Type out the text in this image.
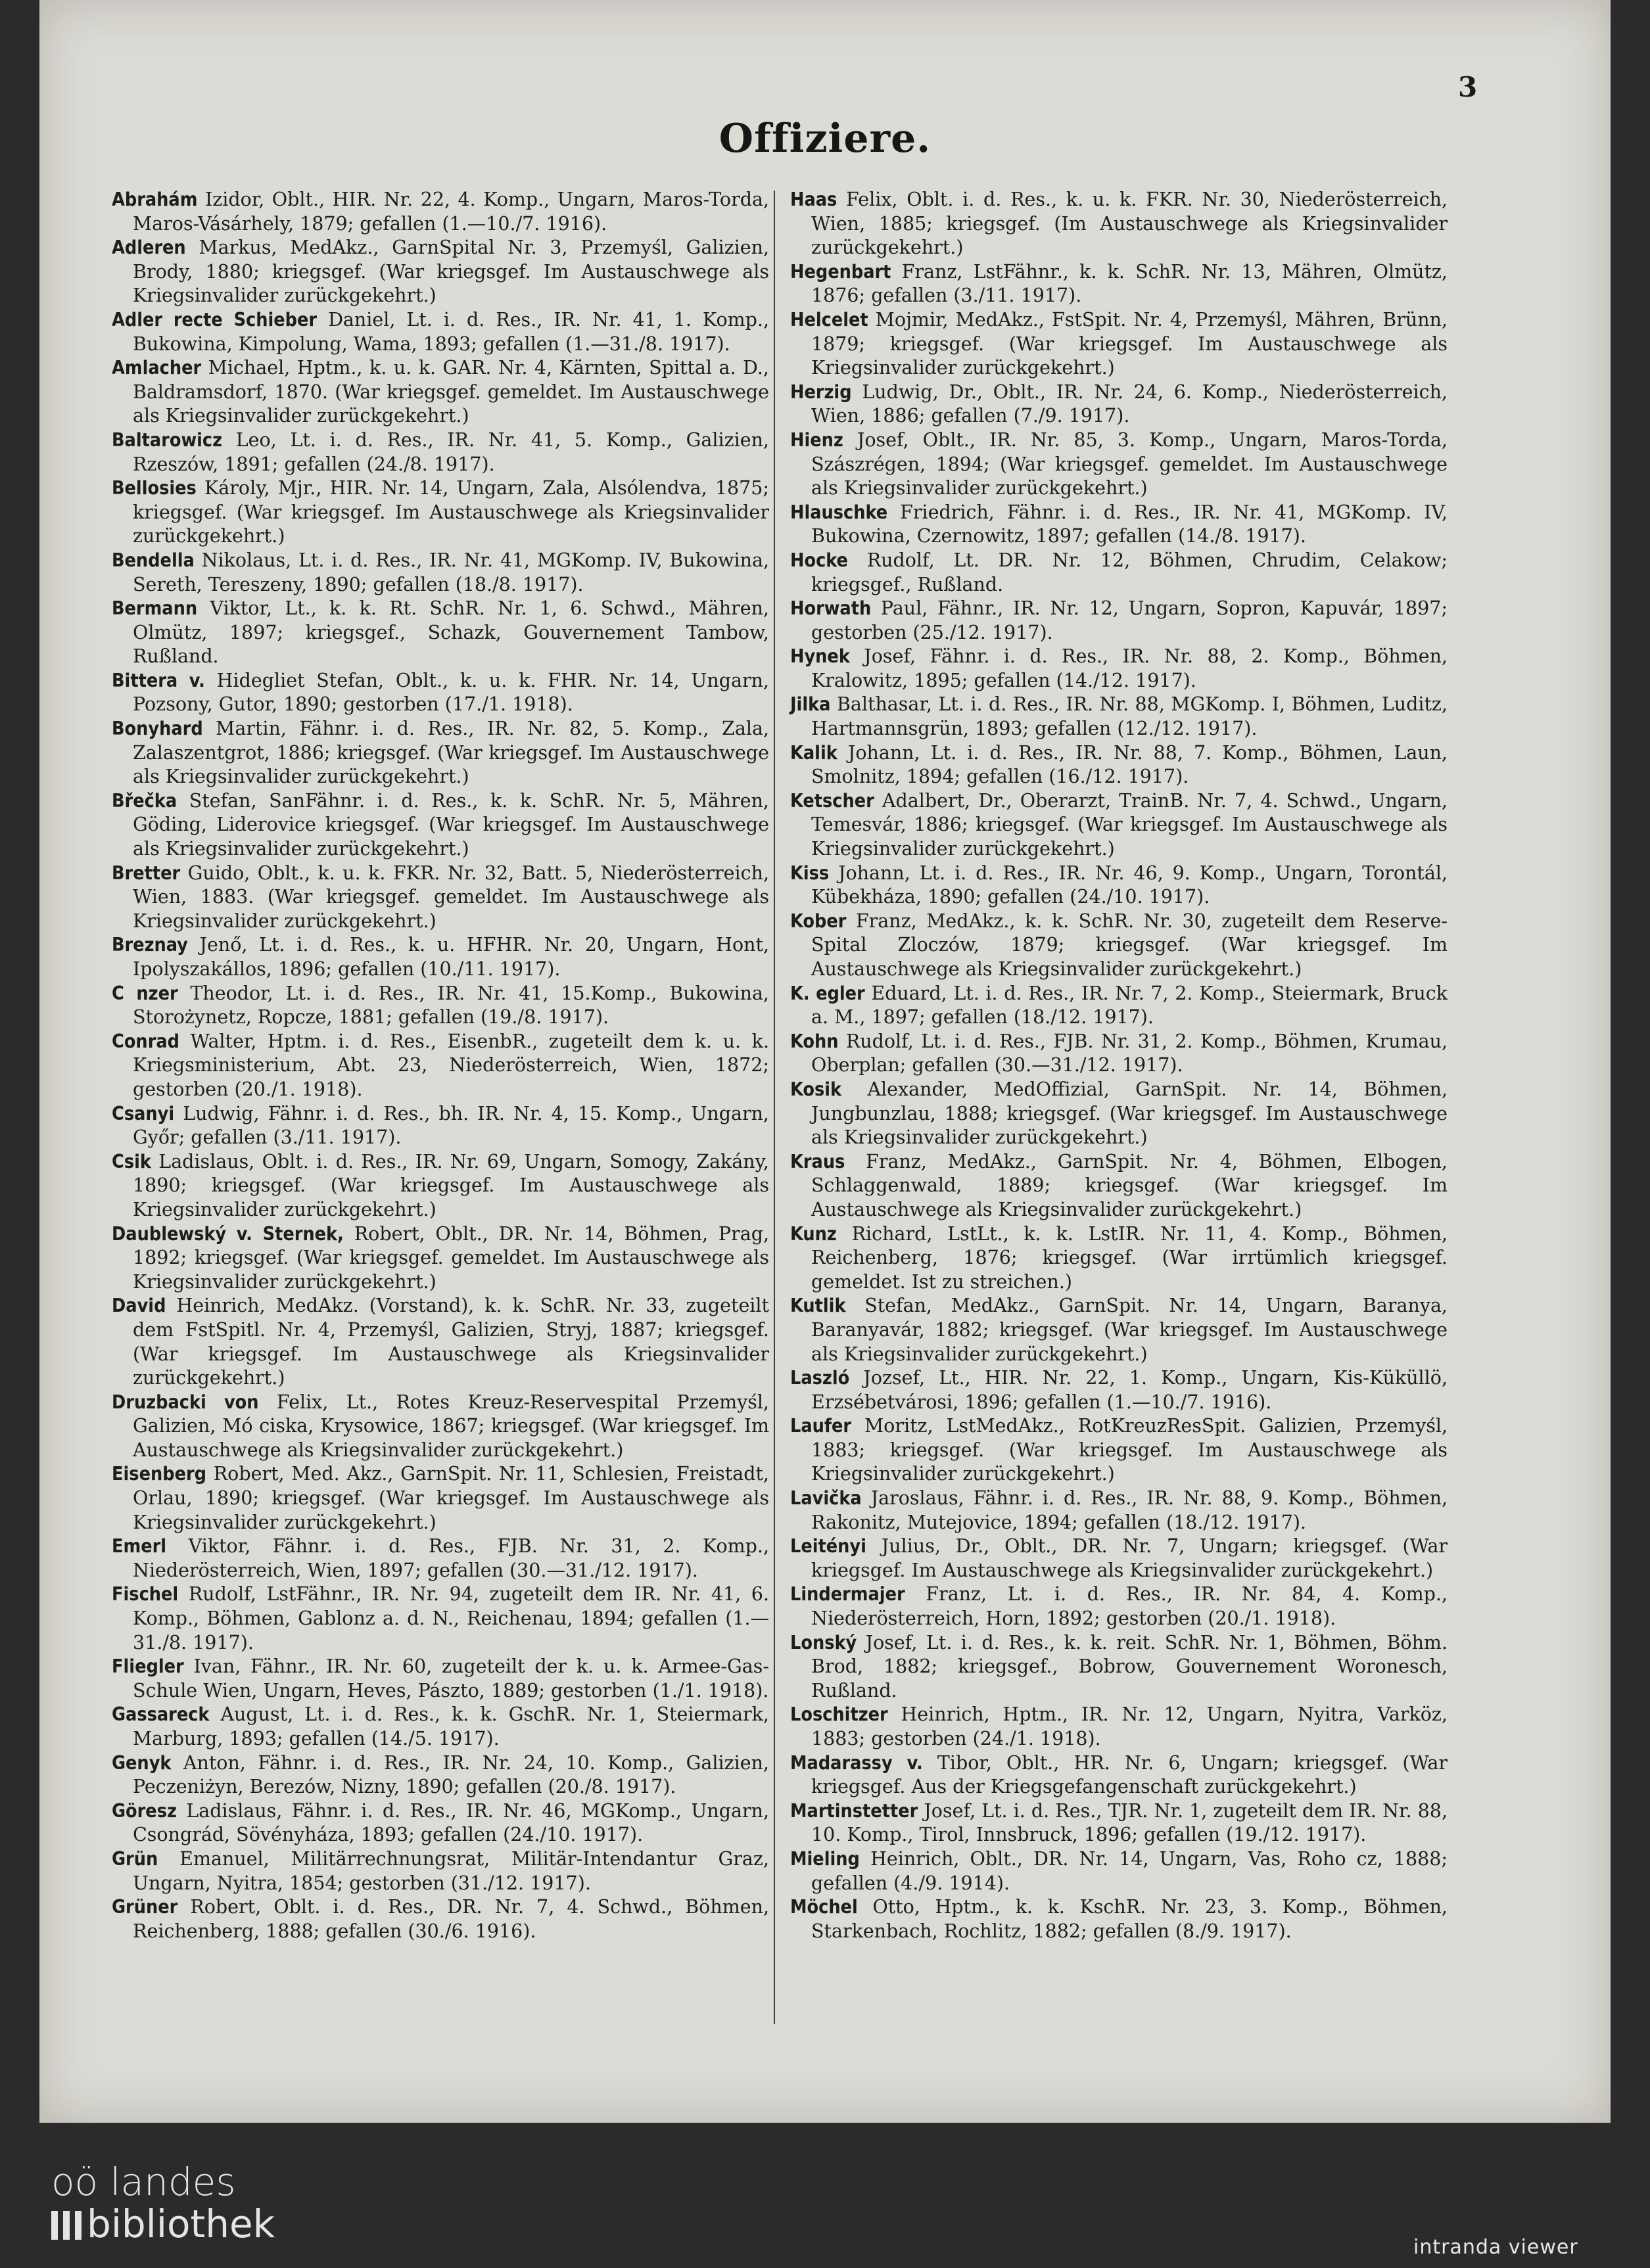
3
Offiziere.
Abrahám Izidor, Oblt., HIR. Nr. 22, 4. Komp., Ungarn, Maros-Torda, Maros-Vásárhely, 1879; gefallen (1.—10./7. 1916).
Adleren Markus, MedAkz., GarnSpital Nr. 3, Przemyśl, Galizien, Brody, 1880; kriegsgef. (War kriegsgef. Im Austauschwege als Kriegsinvalider zurückgekehrt.)
Adler recte Schieber Daniel, Lt. i. d. Res., IR. Nr. 41, 1. Komp., Bukowina, Kimpolung, Wama, 1893; gefallen (1.—31./8. 1917).
Amlacher Michael, Hptm., k. u. k. GAR. Nr. 4, Kärnten, Spittal a. D., Baldramsdorf, 1870. (War kriegsgef. gemeldet. Im Austauschwege als Kriegsinvalider zurückgekehrt.)
Baltarowicz Leo, Lt. i. d. Res., IR. Nr. 41, 5. Komp., Galizien, Rzeszów, 1891; gefallen (24./8. 1917).
Bellosies Károly, Mjr., HIR. Nr. 14, Ungarn, Zala, Alsólendva, 1875; kriegsgef. (War kriegsgef. Im Austauschwege als Kriegsinvalider zurückgekehrt.)
Bendella Nikolaus, Lt. i. d. Res., IR. Nr. 41, MGKomp. IV, Bukowina, Sereth, Tereszeny, 1890; gefallen (18./8. 1917).
Bermann Viktor, Lt., k. k. Rt. SchR. Nr. 1, 6. Schwd., Mähren, Olmütz, 1897; kriegsgef., Schazk, Gouvernement Tambow, Rußland.
Bittera v. Hidegliet Stefan, Oblt., k. u. k. FHR. Nr. 14, Ungarn, Pozsony, Gutor, 1890; gestorben (17./1. 1918).
Bonyhard Martin, Fähnr. i. d. Res., IR. Nr. 82, 5. Komp., Zala, Zalaszentgrot, 1886; kriegsgef. (War kriegsgef. Im Austauschwege als Kriegsinvalider zurückgekehrt.)
Břečka Stefan, SanFähnr. i. d. Res., k. k. SchR. Nr. 5, Mähren, Göding, Liderovice kriegsgef. (War kriegsgef. Im Austauschwege als Kriegsinvalider zurückgekehrt.)
Bretter Guido, Oblt., k. u. k. FKR. Nr. 32, Batt. 5, Niederösterreich, Wien, 1883. (War kriegsgef. gemeldet. Im Austauschwege als Kriegsinvalider zurückgekehrt.)
Breznay Jenő, Lt. i. d. Res., k. u. HFHR. Nr. 20, Ungarn, Hont, Ipolyszakállos, 1896; gefallen (10./11. 1917).
C nzer Theodor, Lt. i. d. Res., IR. Nr. 41, 15.Komp., Bukowina, Storożynetz, Ropcze, 1881; gefallen (19./8. 1917).
Conrad Walter, Hptm. i. d. Res., EisenbR., zugeteilt dem k. u. k. Kriegsministerium, Abt. 23, Niederösterreich, Wien, 1872; gestorben (20./1. 1918).
Csanyi Ludwig, Fähnr. i. d. Res., bh. IR. Nr. 4, 15. Komp., Ungarn, Győr; gefallen (3./11. 1917).
Csik Ladislaus, Oblt. i. d. Res., IR. Nr. 69, Ungarn, Somogy, Zakány, 1890; kriegsgef. (War kriegsgef. Im Austauschwege als Kriegsinvalider zurückgekehrt.)
Daublewský v. Sternek, Robert, Oblt., DR. Nr. 14, Böhmen, Prag, 1892; kriegsgef. (War kriegsgef. gemeldet. Im Austauschwege als Kriegsinvalider zurückgekehrt.)
David Heinrich, MedAkz. (Vorstand), k. k. SchR. Nr. 33, zugeteilt dem FstSpitl. Nr. 4, Przemyśl, Galizien, Stryj, 1887; kriegsgef. (War kriegsgef. Im Austauschwege als Kriegsinvalider zurückgekehrt.)
Druzbacki von Felix, Lt., Rotes Kreuz-Reservespital Przemyśl, Galizien, Mó ciska, Krysowice, 1867; kriegsgef. (War kriegsgef. Im Austauschwege als Kriegsinvalider zurückgekehrt.)
Eisenberg Robert, Med. Akz., GarnSpit. Nr. 11, Schlesien, Freistadt, Orlau, 1890; kriegsgef. (War kriegsgef. Im Austauschwege als Kriegsinvalider zurückgekehrt.)
Emerl Viktor, Fähnr. i. d. Res., FJB. Nr. 31, 2. Komp., Niederösterreich, Wien, 1897; gefallen (30.—31./12. 1917).
Fischel Rudolf, LstFähnr., IR. Nr. 94, zugeteilt dem IR. Nr. 41, 6. Komp., Böhmen, Gablonz a. d. N., Reichenau, 1894; gefallen (1.—31./8. 1917).
Fliegler Ivan, Fähnr., IR. Nr. 60, zugeteilt der k. u. k. Armee-Gas-Schule Wien, Ungarn, Heves, Pászto, 1889; gestorben (1./1. 1918).
Gassareck August, Lt. i. d. Res., k. k. GschR. Nr. 1, Steiermark, Marburg, 1893; gefallen (14./5. 1917).
Genyk Anton, Fähnr. i. d. Res., IR. Nr. 24, 10. Komp., Galizien, Peczeniżyn, Berezów, Nizny, 1890; gefallen (20./8. 1917).
Göresz Ladislaus, Fähnr. i. d. Res., IR. Nr. 46, MGKomp., Ungarn, Csongrád, Sövényháza, 1893; gefallen (24./10. 1917).
Grün Emanuel, Militärrechnungsrat, Militär-Intendantur Graz, Ungarn, Nyitra, 1854; gestorben (31./12. 1917).
Grüner Robert, Oblt. i. d. Res., DR. Nr. 7, 4. Schwd., Böhmen, Reichenberg, 1888; gefallen (30./6. 1916).
Haas Felix, Oblt. i. d. Res., k. u. k. FKR. Nr. 30, Niederösterreich, Wien, 1885; kriegsgef. (Im Austauschwege als Kriegsinvalider zurückgekehrt.)
Hegenbart Franz, LstFähnr., k. k. SchR. Nr. 13, Mähren, Olmütz, 1876; gefallen (3./11. 1917).
Helcelet Mojmir, MedAkz., FstSpit. Nr. 4, Przemyśl, Mähren, Brünn, 1879; kriegsgef. (War kriegsgef. Im Austauschwege als Kriegsinvalider zurückgekehrt.)
Herzig Ludwig, Dr., Oblt., IR. Nr. 24, 6. Komp., Niederösterreich, Wien, 1886; gefallen (7./9. 1917).
Hienz Josef, Oblt., IR. Nr. 85, 3. Komp., Ungarn, Maros-Torda, Szászrégen, 1894; (War kriegsgef. gemeldet. Im Austauschwege als Kriegsinvalider zurückgekehrt.)
Hlauschke Friedrich, Fähnr. i. d. Res., IR. Nr. 41, MGKomp. IV, Bukowina, Czernowitz, 1897; gefallen (14./8. 1917).
Hocke Rudolf, Lt. DR. Nr. 12, Böhmen, Chrudim, Celakow; kriegsgef., Rußland.
Horwath Paul, Fähnr., IR. Nr. 12, Ungarn, Sopron, Kapuvár, 1897; gestorben (25./12. 1917).
Hynek Josef, Fähnr. i. d. Res., IR. Nr. 88, 2. Komp., Böhmen, Kralowitz, 1895; gefallen (14./12. 1917).
Jilka Balthasar, Lt. i. d. Res., IR. Nr. 88, MGKomp. I, Böhmen, Luditz, Hartmannsgrün, 1893; gefallen (12./12. 1917).
Kalik Johann, Lt. i. d. Res., IR. Nr. 88, 7. Komp., Böhmen, Laun, Smolnitz, 1894; gefallen (16./12. 1917).
Ketscher Adalbert, Dr., Oberarzt, TrainB. Nr. 7, 4. Schwd., Ungarn, Temesvár, 1886; kriegsgef. (War kriegsgef. Im Austauschwege als Kriegsinvalider zurückgekehrt.)
Kiss Johann, Lt. i. d. Res., IR. Nr. 46, 9. Komp., Ungarn, Torontál, Kübekháza, 1890; gefallen (24./10. 1917).
Kober Franz, MedAkz., k. k. SchR. Nr. 30, zugeteilt dem Reserve-Spital Zloczów, 1879; kriegsgef. (War kriegsgef. Im Austauschwege als Kriegsinvalider zurückgekehrt.)
K. egler Eduard, Lt. i. d. Res., IR. Nr. 7, 2. Komp., Steiermark, Bruck a. M., 1897; gefallen (18./12. 1917).
Kohn Rudolf, Lt. i. d. Res., FJB. Nr. 31, 2. Komp., Böhmen, Krumau, Oberplan; gefallen (30.—31./12. 1917).
Kosik Alexander, MedOffizial, GarnSpit. Nr. 14, Böhmen, Jungbunzlau, 1888; kriegsgef. (War kriegsgef. Im Austauschwege als Kriegsinvalider zurückgekehrt.)
Kraus Franz, MedAkz., GarnSpit. Nr. 4, Böhmen, Elbogen, Schlaggenwald, 1889; kriegsgef. (War kriegsgef. Im Austauschwege als Kriegsinvalider zurückgekehrt.)
Kunz Richard, LstLt., k. k. LstIR. Nr. 11, 4. Komp., Böhmen, Reichenberg, 1876; kriegsgef. (War irrtümlich kriegsgef. gemeldet. Ist zu streichen.)
Kutlik Stefan, MedAkz., GarnSpit. Nr. 14, Ungarn, Baranya, Baranyavár, 1882; kriegsgef. (War kriegsgef. Im Austauschwege als Kriegsinvalider zurückgekehrt.)
Laszló Jozsef, Lt., HIR. Nr. 22, 1. Komp., Ungarn, Kis-Küküllö, Erzsébetvárosi, 1896; gefallen (1.—10./7. 1916).
Laufer Moritz, LstMedAkz., RotKreuzResSpit. Galizien, Przemyśl, 1883; kriegsgef. (War kriegsgef. Im Austauschwege als Kriegsinvalider zurückgekehrt.)
Lavička Jaroslaus, Fähnr. i. d. Res., IR. Nr. 88, 9. Komp., Böhmen, Rakonitz, Mutejovice, 1894; gefallen (18./12. 1917).
Leitényi Julius, Dr., Oblt., DR. Nr. 7, Ungarn; kriegsgef. (War kriegsgef. Im Austauschwege als Kriegsinvalider zurückgekehrt.)
Lindermajer Franz, Lt. i. d. Res., IR. Nr. 84, 4. Komp., Niederösterreich, Horn, 1892; gestorben (20./1. 1918).
Lonský Josef, Lt. i. d. Res., k. k. reit. SchR. Nr. 1, Böhmen, Böhm. Brod, 1882; kriegsgef., Bobrow, Gouvernement Woronesch, Rußland.
Loschitzer Heinrich, Hptm., IR. Nr. 12, Ungarn, Nyitra, Varköz, 1883; gestorben (24./1. 1918).
Madarassy v. Tibor, Oblt., HR. Nr. 6, Ungarn; kriegsgef. (War kriegsgef. Aus der Kriegsgefangenschaft zurückgekehrt.)
Martinstetter Josef, Lt. i. d. Res., TJR. Nr. 1, zugeteilt dem IR. Nr. 88, 10. Komp., Tirol, Innsbruck, 1896; gefallen (19./12. 1917).
Mieling Heinrich, Oblt., DR. Nr. 14, Ungarn, Vas, Roho cz, 1888; gefallen (4./9. 1914).
Möchel Otto, Hptm., k. k. KschR. Nr. 23, 3. Komp., Böhmen, Starkenbach, Rochlitz, 1882; gefallen (8./9. 1917).
oö landes
bibliothek
intranda viewer
